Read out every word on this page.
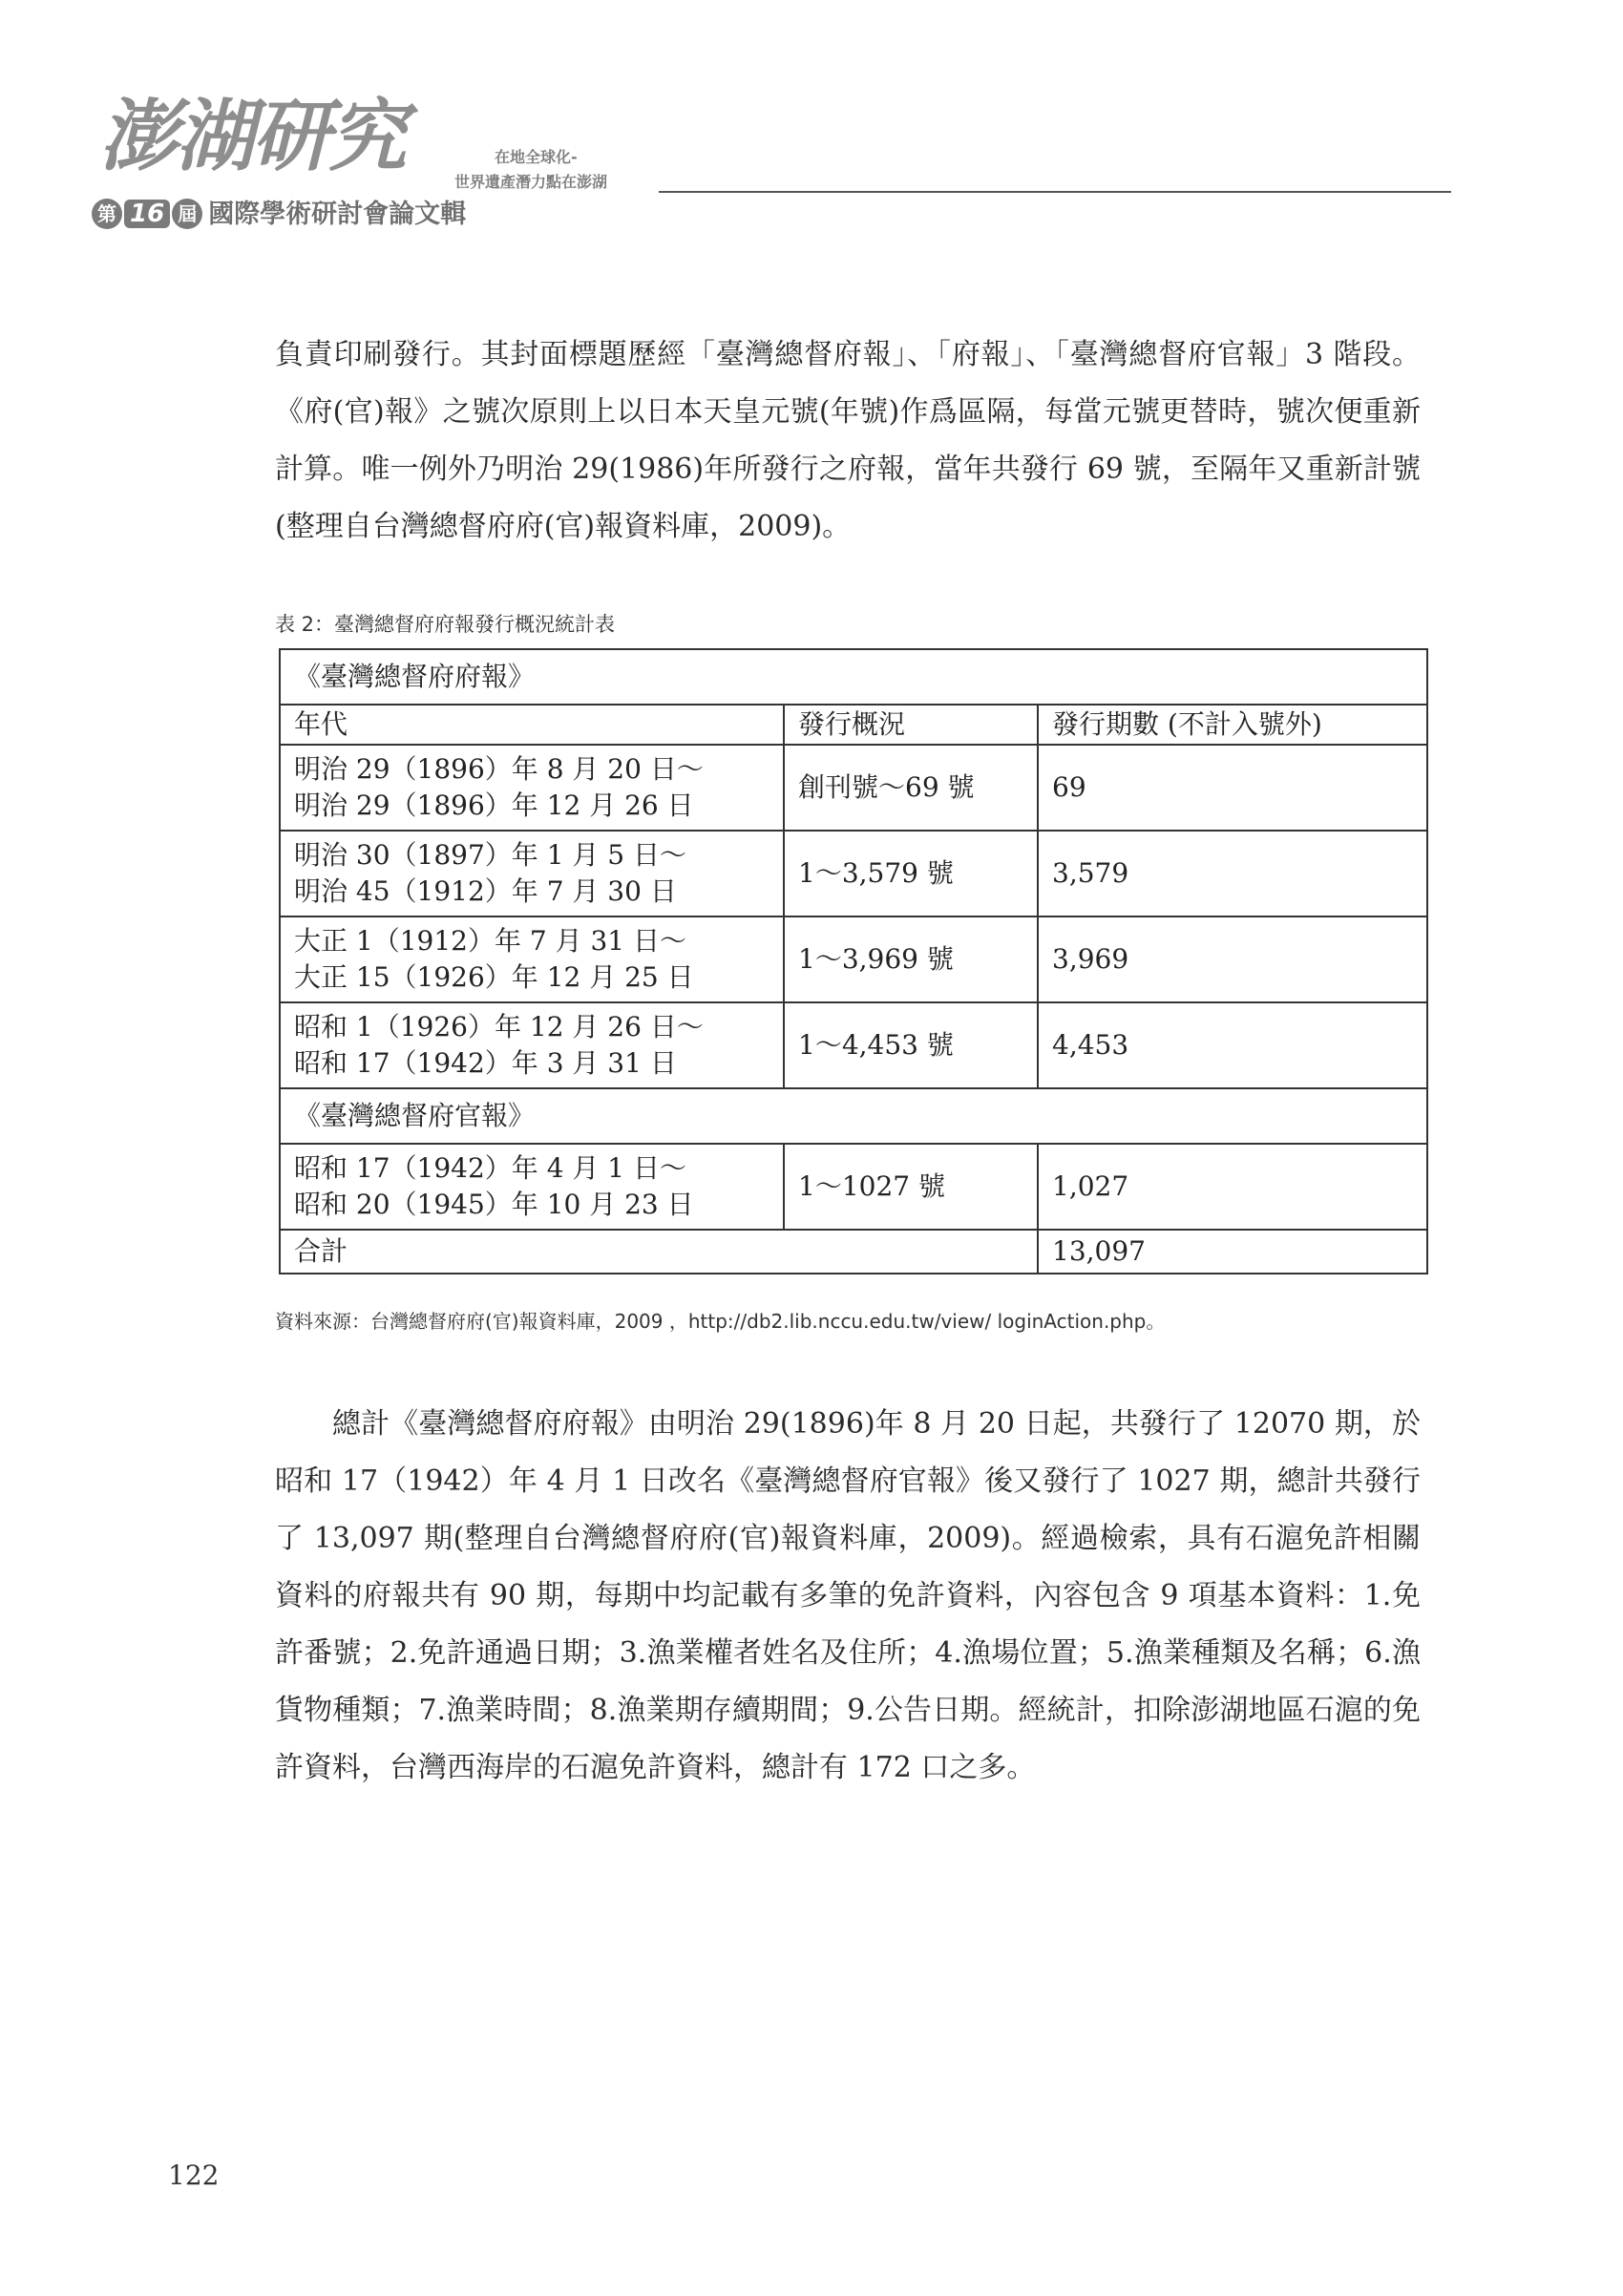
澎湖研究
第 16 屆 國際學術研討會論文輯
在地全球化-
世界遺產潛力點在澎湖

負責印刷發行。其封面標題歷經「臺灣總督府報」、「府報」、「臺灣總督府官報」3 階段。《府(官)報》之號次原則上以日本天皇元號(年號)作爲區隔，每當元號更替時，號次便重新計算。唯一例外乃明治 29(1986)年所發行之府報，當年共發行 69 號，至隔年又重新計號(整理自台灣總督府府(官)報資料庫，2009)。

表 2：臺灣總督府府報發行概況統計表
《臺灣總督府府報》		
年代	發行概況	發行期數 (不計入號外)

明治 29（1896）年 8 月 20 日～
明治 29（1896）年 12 月 26 日	創刊號～69 號	69

明治 30（1897）年 1 月 5 日～
明治 45（1912）年 7 月 30 日	1～3,579 號	3,579

大正 1（1912）年 7 月 31 日～
大正 15（1926）年 12 月 25 日	1～3,969 號	3,969

昭和 1（1926）年 12 月 26 日～
昭和 17（1942）年 3 月 31 日	1～4,453 號	4,453
《臺灣總督府官報》		

昭和 17（1942）年 4 月 1 日～
昭和 20（1945）年 10 月 23 日	1～1027 號	1,027
合計		13,097
資料來源：台灣總督府府(官)報資料庫，2009 ，http://db2.lib.nccu.edu.tw/view/ loginAction.php。

總計《臺灣總督府府報》由明治 29(1896)年 8 月 20 日起，共發行了 12070 期，於昭和 17（1942）年 4 月 1 日改名《臺灣總督府官報》後又發行了 1027 期，總計共發行了 13,097 期(整理自台灣總督府府(官)報資料庫，2009)。經過檢索，具有石滬免許相關資料的府報共有 90 期，每期中均記載有多筆的免許資料，內容包含 9 項基本資料：1.免許番號；2.免許通過日期；3.漁業權者姓名及住所；4.漁場位置；5.漁業種類及名稱；6.漁貨物種類；7.漁業時間；8.漁業期存續期間；9.公告日期。經統計，扣除澎湖地區石滬的免許資料，台灣西海岸的石滬免許資料，總計有 172 口之多。

122
